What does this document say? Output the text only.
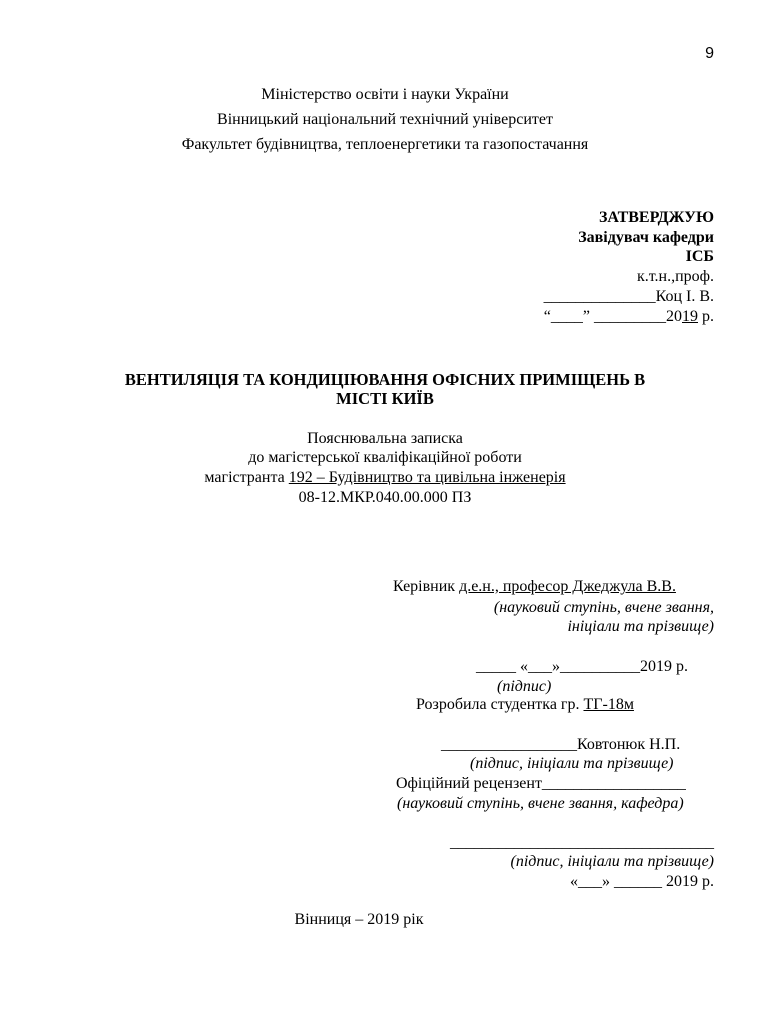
9
Міністерство освіти і науки України
Вінницький національний технічний університет
Факультет будівництва, теплоенергетики та газопостачання
ЗАТВЕРДЖУЮ
Завідувач кафедри
ІСБ
к.т.н.,проф.
______________Коц І. В.
“____” _________2019 р.
ВЕНТИЛЯЦІЯ ТА КОНДИЦІЮВАННЯ ОФІСНИХ ПРИМІЩЕНЬ В
МІСТІ КИЇВ
Пояснювальна записка
до магістерської кваліфікаційної роботи
магістранта 192 – Будівництво та цивільна інженерія
08-12.МКР.040.00.000 ПЗ
Керівник д.е.н., професор Джеджула В.В.
(науковий ступінь, вчене звання,
ініціали та прізвище)
_____ «___»__________2019 р.
(підпис)
Розробила студентка гр. ТГ-18м
_________________Ковтонюк Н.П.
(підпис, ініціали та прізвище)
Офіційний рецензент__________________
(науковий ступінь, вчене звання, кафедра)
_________________________________
(підпис, ініціали та прізвище)
«___» ______ 2019 р.
Вінниця – 2019 рік
